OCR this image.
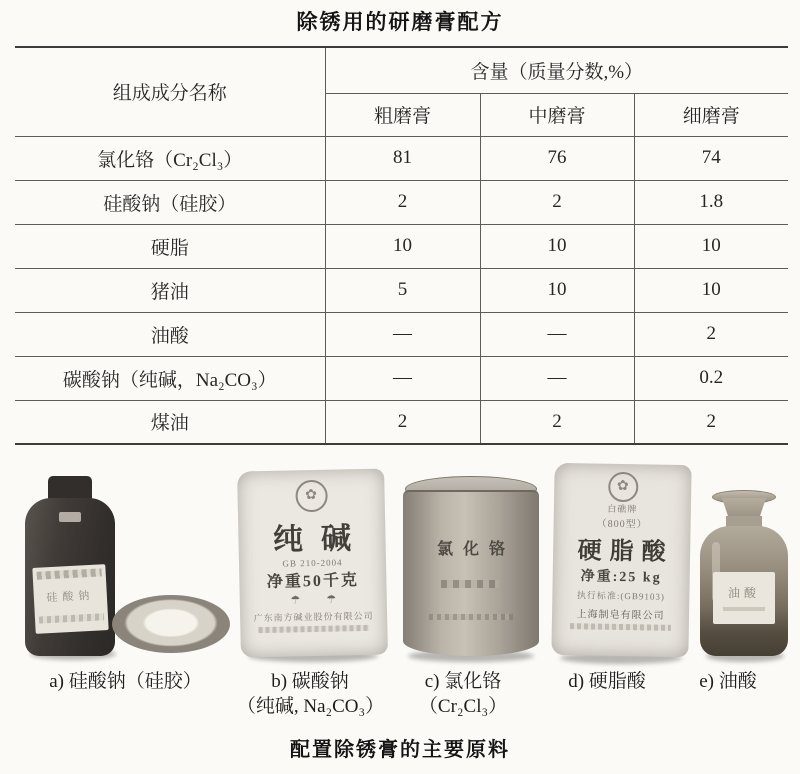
除锈用的研磨膏配方
组成成分名称	含量（质量分数,%）		
	粗磨膏	中磨膏	细磨膏
氯化铬（Cr₂Cl₃）	81	76	74
硅酸钠（硅胶）	2	2	1.8
硬脂	10	10	10
猪油	5	10	10
油酸	—	—	2
碳酸钠（纯碱，Na₂CO₃）	—	—	0.2
煤油	2	2	2
硅酸钠
✿
纯碱
GB 210-2004
净重50千克
☂☂
广东南方碱业股份有限公司
氯化铬
✿
白礁牌
（800型）
硬脂酸
净重:25 kg
执行标准:(GB9103)
上海制皂有限公司
油酸
a) 硅酸钠（硅胶）	b) 碳酸钠
（纯碱, Na₂CO₃）
c) 氯化铬
（Cr₂Cl₃）
d) 硬脂酸	e) 油酸
配置除锈膏的主要原料
